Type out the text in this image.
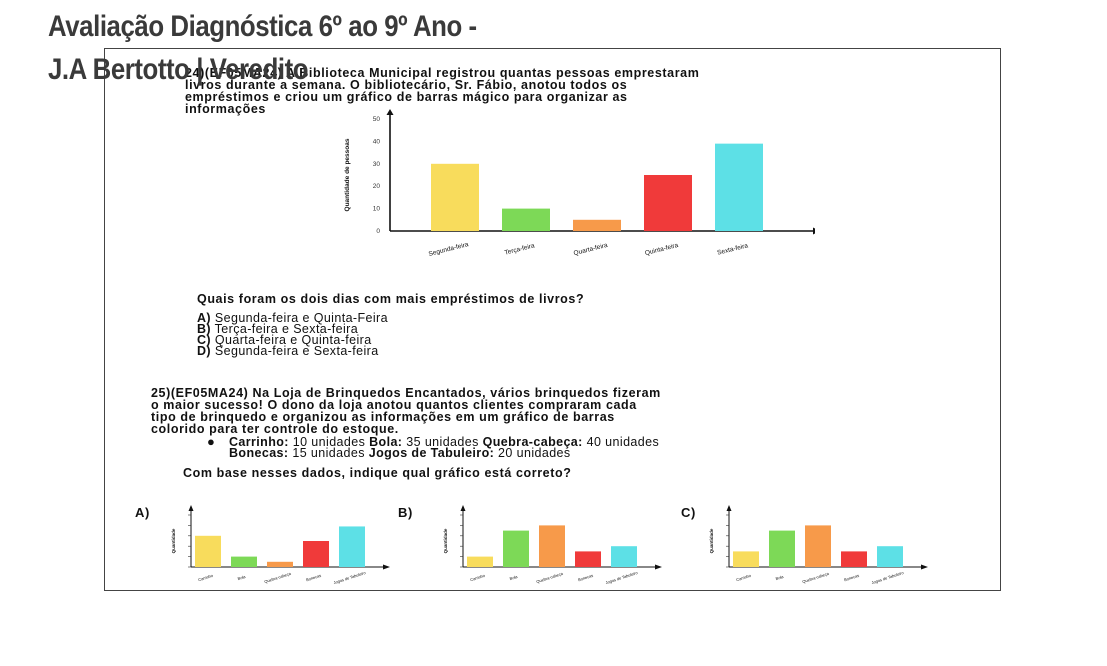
Avaliação Diagnóstica 6º ao 9º Ano -
24)(EF05MA24) A Biblioteca Municipal registrou quantas pessoas emprestaram
livros durante a semana. O bibliotecário, Sr. Fábio, anotou todos os
empréstimos e criou um gráfico de barras mágico para organizar as
informações
0
10
20
30
40
50
Quantidade de pessoas
Segunda-feira	Terça-feira	Quarta-feira	Quinta-feira	Sexta-feira
Quais foram os dois dias com mais empréstimos de livros?
A) Segunda-feira e Quinta-Feira
B) Terça-feira e Sexta-feira
C) Quarta-feira e Quinta-feira
D) Segunda-feira e Sexta-feira
25)(EF05MA24) Na Loja de Brinquedos Encantados, vários brinquedos fizeram
o maior sucesso! O dono da loja anotou quantos clientes compraram cada
tipo de brinquedo e organizou as informações em um gráfico de barras
colorido para ter controle do estoque.
● Carrinho: 10 unidades Bola: 35 unidades Quebra-cabeça: 40 unidades
Bonecas: 15 unidades Jogos de Tabuleiro: 20 unidades
Com base nesses dados, indique qual gráfico está correto?
A)	B)	C)
Quantidade
Carrinho	Bola	Quebra-cabeça	Bonecas	Jogos de Tabuleiro
Quantidade
Carrinho	Bola	Quebra-cabeça	Bonecas	Jogos de Tabuleiro
Quantidade
Carrinho	Bola	Quebra-cabeça	Bonecas	Jogos de Tabuleiro
J.A Bertotto | Veredito
